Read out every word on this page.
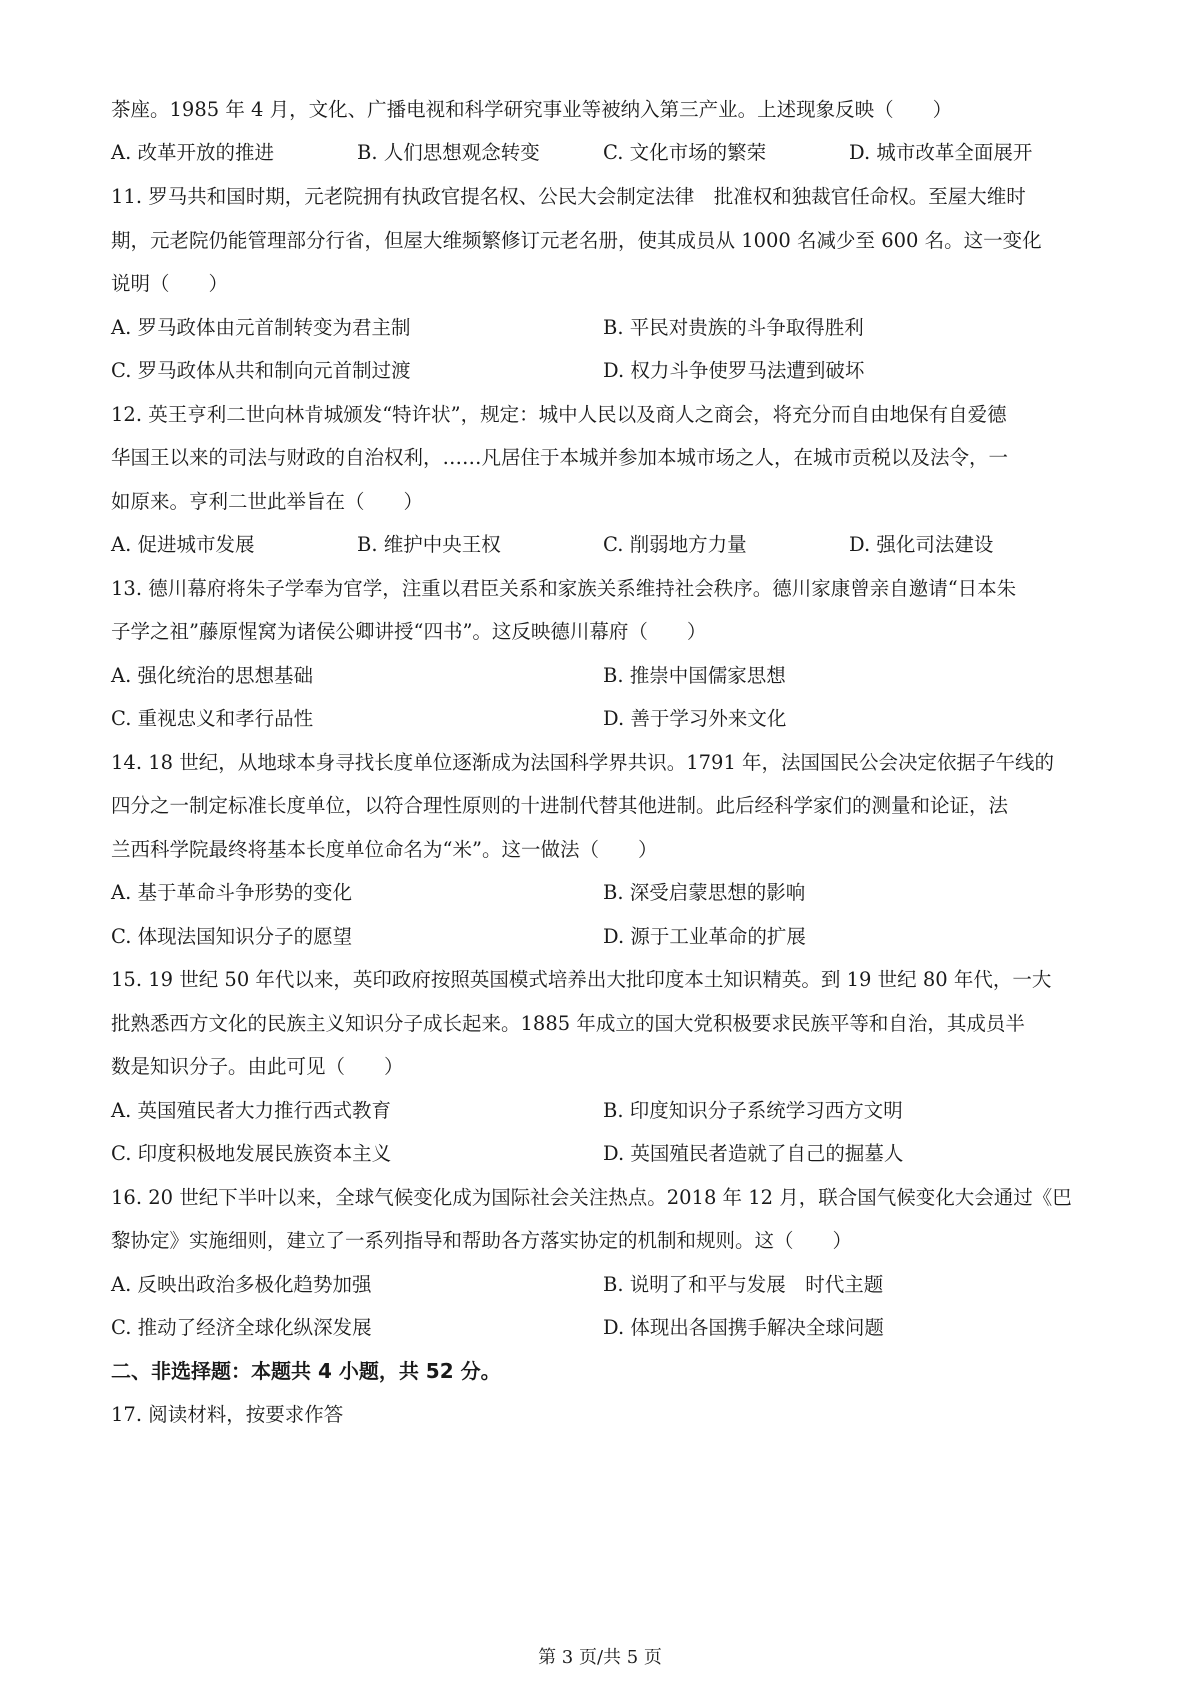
茶座。1985 年 4 月，文化、广播电视和科学研究事业等被纳入第三产业。上述现象反映（　　）
A. 改革开放的推进	B. 人们思想观念转变	C. 文化市场的繁荣	D. 城市改革全面展开
11. 罗马共和国时期，元老院拥有执政官提名权、公民大会制定法律　批准权和独裁官任命权。至屋大维时
期，元老院仍能管理部分行省，但屋大维频繁修订元老名册，使其成员从 1000 名减少至 600 名。这一变化
说明（　　）
A. 罗马政体由元首制转变为君主制	B. 平民对贵族的斗争取得胜利
C. 罗马政体从共和制向元首制过渡	D. 权力斗争使罗马法遭到破坏
12. 英王亨利二世向林肯城颁发“特许状”，规定：城中人民以及商人之商会，将充分而自由地保有自爱德
华国王以来的司法与财政的自治权利，……凡居住于本城并参加本城市场之人，在城市贡税以及法令，一
如原来。亨利二世此举旨在（　　）
A. 促进城市发展	B. 维护中央王权	C. 削弱地方力量	D. 强化司法建设
13. 德川幕府将朱子学奉为官学，注重以君臣关系和家族关系维持社会秩序。德川家康曾亲自邀请“日本朱
子学之祖”藤原惺窝为诸侯公卿讲授“四书”。这反映德川幕府（　　）
A. 强化统治的思想基础	B. 推崇中国儒家思想
C. 重视忠义和孝行品性	D. 善于学习外来文化
14. 18 世纪，从地球本身寻找长度单位逐渐成为法国科学界共识。1791 年，法国国民公会决定依据子午线的
四分之一制定标准长度单位，以符合理性原则的十进制代替其他进制。此后经科学家们的测量和论证，法
兰西科学院最终将基本长度单位命名为“米”。这一做法（　　）
A. 基于革命斗争形势的变化	B. 深受启蒙思想的影响
C. 体现法国知识分子的愿望	D. 源于工业革命的扩展
15. 19 世纪 50 年代以来，英印政府按照英国模式培养出大批印度本土知识精英。到 19 世纪 80 年代，一大
批熟悉西方文化的民族主义知识分子成长起来。1885 年成立的国大党积极要求民族平等和自治，其成员半
数是知识分子。由此可见（　　）
A. 英国殖民者大力推行西式教育	B. 印度知识分子系统学习西方文明
C. 印度积极地发展民族资本主义	D. 英国殖民者造就了自己的掘墓人
16. 20 世纪下半叶以来，全球气候变化成为国际社会关注热点。2018 年 12 月，联合国气候变化大会通过《巴
黎协定》实施细则，建立了一系列指导和帮助各方落实协定的机制和规则。这（　　）
A. 反映出政治多极化趋势加强	B. 说明了和平与发展　时代主题
C. 推动了经济全球化纵深发展	D. 体现出各国携手解决全球问题
二、非选择题：本题共 4 小题，共 52 分。
17. 阅读材料，按要求作答
第 3 页/共 5 页
